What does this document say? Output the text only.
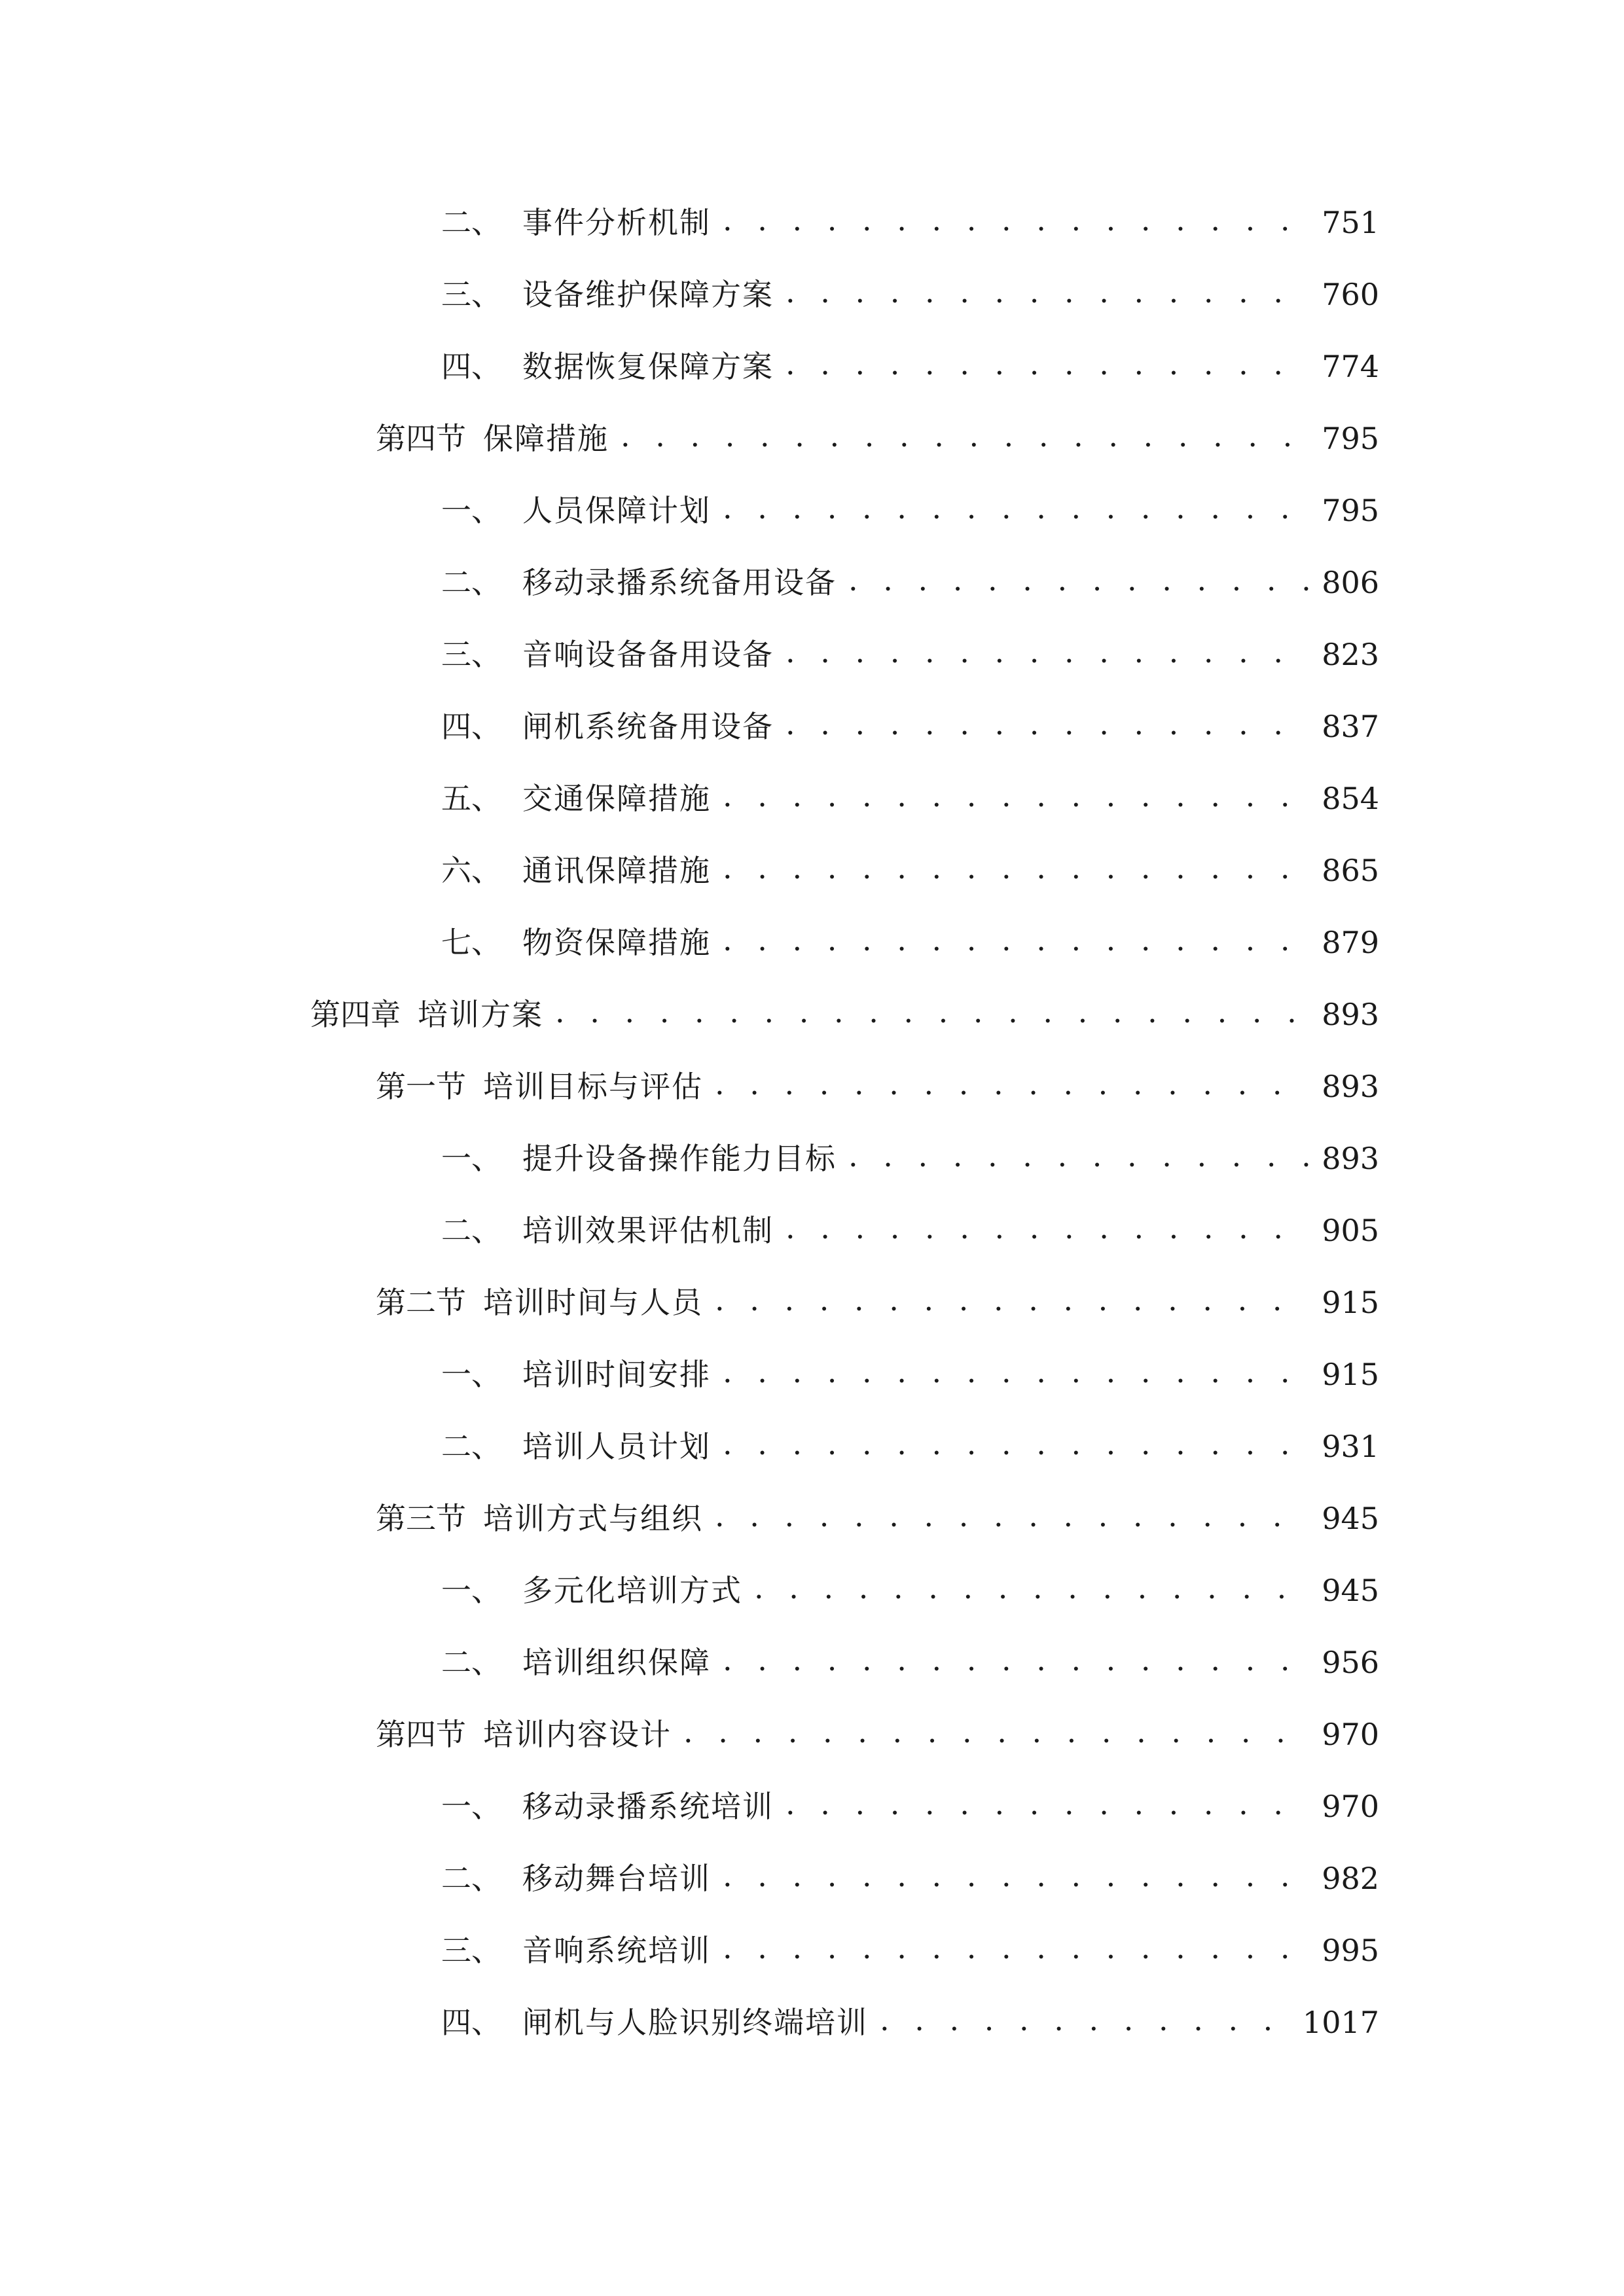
二、 事件分析机制 . . .	751
三、 设备维护保障方案 . . .	760
四、 数据恢复保障方案 . . .	774
第四节 保障措施 . . .	795
一、 人员保障计划 . . .	795
二、 移动录播系统备用设备 . . .	806
三、 音响设备备用设备 . . .	823
四、 闸机系统备用设备 . . .	837
五、 交通保障措施 . . .	854
六、 通讯保障措施 . . .	865
七、 物资保障措施 . . .	879
第四章 培训方案 . . .	893
第一节 培训目标与评估 . . .	893
一、 提升设备操作能力目标 . . .	893
二、 培训效果评估机制 . . .	905
第二节 培训时间与人员 . . .	915
一、 培训时间安排 . . .	915
二、 培训人员计划 . . .	931
第三节 培训方式与组织 . . .	945
一、 多元化培训方式 . . .	945
二、 培训组织保障 . . .	956
第四节 培训内容设计 . . .	970
一、 移动录播系统培训 . . .	970
二、 移动舞台培训 . . .	982
三、 音响系统培训 . . .	995
四、 闸机与人脸识别终端培训 . . .	1017
